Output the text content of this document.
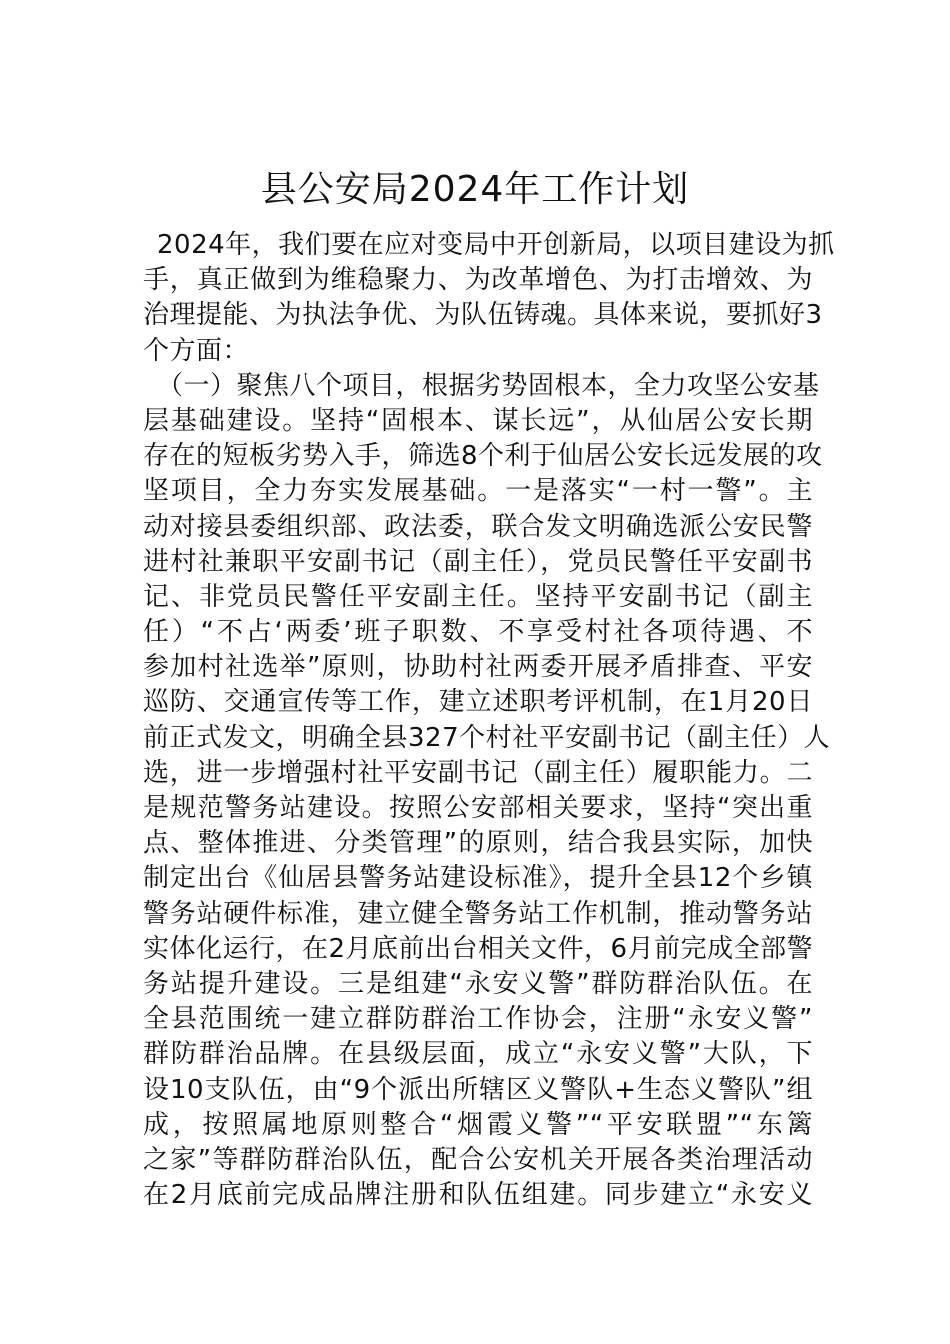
县公安局2024年工作计划
2024年，我们要在应对变局中开创新局，以项目建设为抓
手，真正做到为维稳聚力、为改革增色、为打击增效、为
治理提能、为执法争优、为队伍铸魂。具体来说，要抓好3
个方面：
（一）聚焦八个项目，根据劣势固根本，全力攻坚公安基
层基础建设。坚持“固根本、谋长远”，从仙居公安长期
存在的短板劣势入手，筛选8个利于仙居公安长远发展的攻
坚项目，全力夯实发展基础。一是落实“一村一警”。主
动对接县委组织部、政法委，联合发文明确选派公安民警
进村社兼职平安副书记（副主任），党员民警任平安副书
记、非党员民警任平安副主任。坚持平安副书记（副主
任）“不占‘两委’班子职数、不享受村社各项待遇、不
参加村社选举”原则，协助村社两委开展矛盾排查、平安
巡防、交通宣传等工作，建立述职考评机制，在1月20日
前正式发文，明确全县327个村社平安副书记（副主任）人
选，进一步增强村社平安副书记（副主任）履职能力。二
是规范警务站建设。按照公安部相关要求，坚持“突出重
点、整体推进、分类管理”的原则，结合我县实际，加快
制定出台《仙居县警务站建设标准》，提升全县12个乡镇
警务站硬件标准，建立健全警务站工作机制，推动警务站
实体化运行，在2月底前出台相关文件，6月前完成全部警
务站提升建设。三是组建“永安义警”群防群治队伍。在
全县范围统一建立群防群治工作协会，注册“永安义警”
群防群治品牌。在县级层面，成立“永安义警”大队，下
设10支队伍，由“9个派出所辖区义警队+生态义警队”组
成，按照属地原则整合“烟霞义警”“平安联盟”“东篱
之家”等群防群治队伍，配合公安机关开展各类治理活动
在2月底前完成品牌注册和队伍组建。同步建立“永安义
